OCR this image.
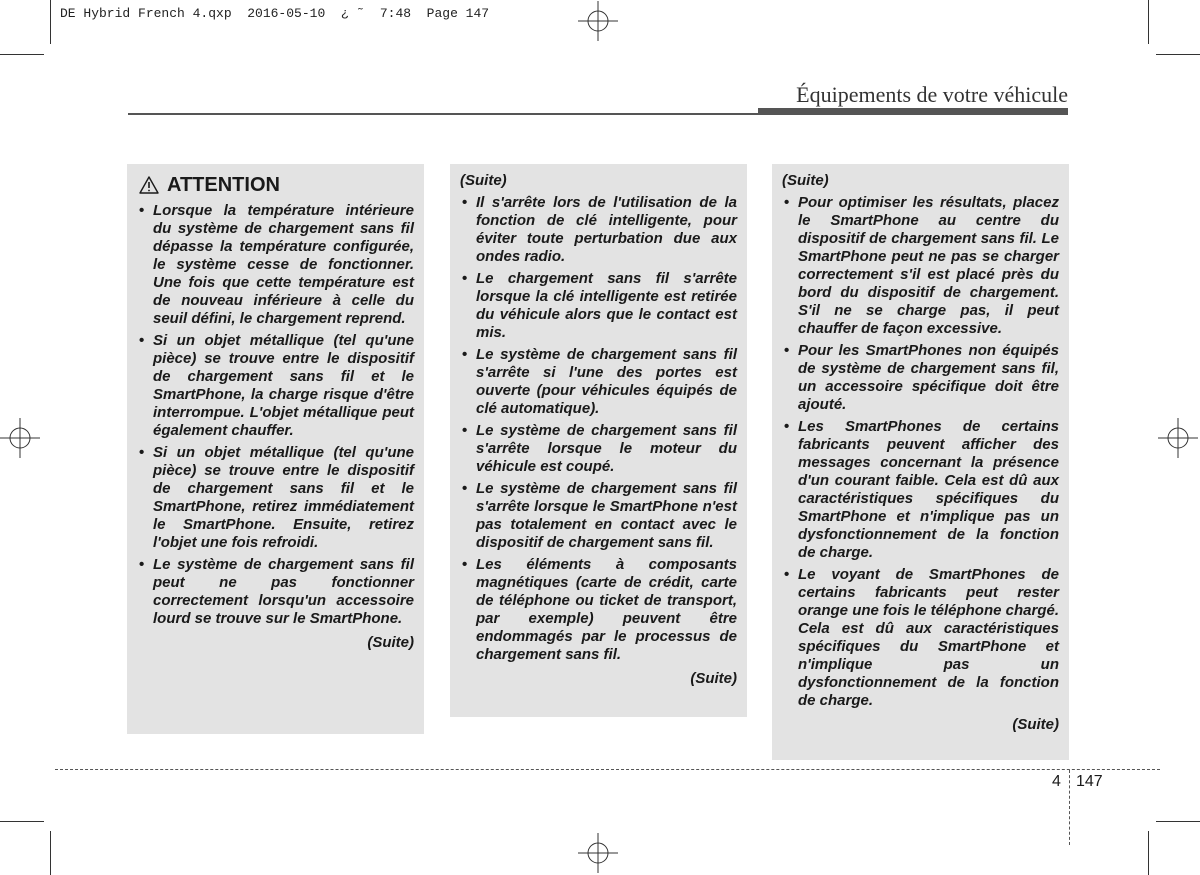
DE Hybrid French 4.qxp  2016-05-10  ¿ ˜  7:48  Page 147
Équipements de votre véhicule
ATTENTION
• Lorsque la température intérieure du système de chargement sans fil dépasse la température configurée, le système cesse de fonctionner. Une fois que cette température est de nouveau inférieure à celle du seuil défini, le chargement reprend.
• Si un objet métallique (tel qu'une pièce) se trouve entre le dispositif de chargement sans fil et le SmartPhone, la charge risque d'être interrompue. L'objet métallique peut également chauffer.
• Si un objet métallique (tel qu'une pièce) se trouve entre le dispositif de chargement sans fil et le SmartPhone, retirez immédiatement le SmartPhone. Ensuite, retirez l'objet une fois refroidi.
• Le système de chargement sans fil peut ne pas fonctionner correctement lorsqu'un accessoire lourd se trouve sur le SmartPhone.
(Suite)
(Suite)
• Il s'arrête lors de l'utilisation de la fonction de clé intelligente, pour éviter toute perturbation due aux ondes radio.
• Le chargement sans fil s'arrête lorsque la clé intelligente est retirée du véhicule alors que le contact est mis.
• Le système de chargement sans fil s'arrête si l'une des portes est ouverte (pour véhicules équipés de clé automatique).
• Le système de chargement sans fil s'arrête lorsque le moteur du véhicule est coupé.
• Le système de chargement sans fil s'arrête lorsque le SmartPhone n'est pas totalement en contact avec le dispositif de chargement sans fil.
• Les éléments à composants magnétiques (carte de crédit, carte de téléphone ou ticket de transport, par exemple) peuvent être endommagés par le processus de chargement sans fil.
(Suite)
(Suite)
• Pour optimiser les résultats, placez le SmartPhone au centre du dispositif de chargement sans fil. Le SmartPhone peut ne pas se charger correctement s'il est placé près du bord du dispositif de chargement. S'il ne se charge pas, il peut chauffer de façon excessive.
• Pour les SmartPhones non équipés de système de chargement sans fil, un accessoire spécifique doit être ajouté.
• Les SmartPhones de certains fabricants peuvent afficher des messages concernant la présence d'un courant faible. Cela est dû aux caractéristiques spécifiques du SmartPhone et n'implique pas un dysfonctionnement de la fonction de charge.
• Le voyant de SmartPhones de certains fabricants peut rester orange une fois le téléphone chargé. Cela est dû aux caractéristiques spécifiques du SmartPhone et n'implique pas un dysfonctionnement de la fonction de charge.
(Suite)
4 147
